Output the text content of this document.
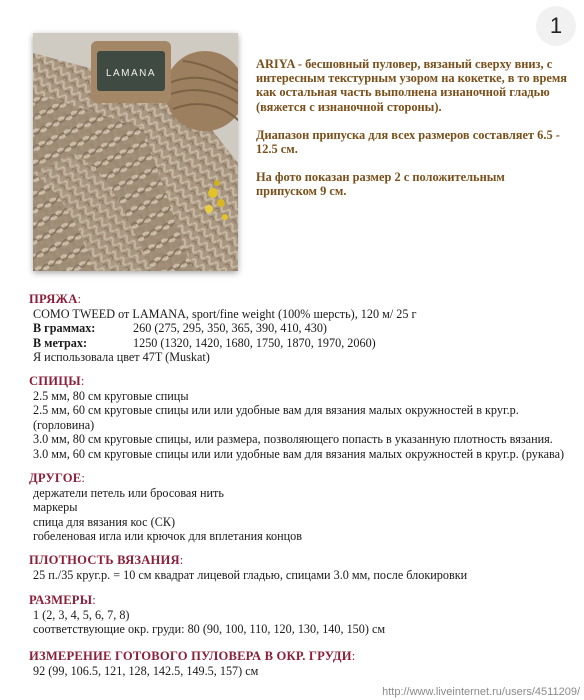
1
LAMANA

ARIYA - бесшовный пуловер, вязаный сверху вниз, с интересным текстурным узором на кокетке, в то время как остальная часть выполнена изнаночной гладью (вяжется с изнаночной стороны).

Диапазон припуска для всех размеров составляет 6.5 - 12.5 см.

На фото показан размер 2 с положительным припуском 9 см.

ПРЯЖА:
COMO TWEED от LAMANA, sport/fine weight (100% шерсть), 120 м/ 25 г
В граммах:	260 (275, 295, 350, 365, 390, 410, 430)
В метрах:	1250 (1320, 1420, 1680, 1750, 1870, 1970, 2060)
Я использовала цвет 47T (Muskat)
СПИЦЫ:
2.5 мм, 80 см круговые спицы
2.5 мм, 60 см круговые спицы или или удобные вам для вязания малых окружностей в круг.р. (горловина)
3.0 мм, 80 см круговые спицы, или размера, позволяющего попасть в указанную плотность вязания.
3.0 мм, 60 см круговые спицы или или удобные вам для вязания малых окружностей в круг.р. (рукава)
ДРУГОЕ:
держатели петель или бросовая нить
маркеры
спица для вязания кос (СК)
гобеленовая игла или крючок для вплетания концов
ПЛОТНОСТЬ ВЯЗАНИЯ:
25 п./35 круг.р. = 10 см квадрат лицевой гладью, спицами 3.0 мм, после блокировки
РАЗМЕРЫ:
1 (2, 3, 4, 5, 6, 7, 8)
соответствующие окр. груди: 80 (90, 100, 110, 120, 130, 140, 150) см
ИЗМЕРЕНИЕ ГОТОВОГО ПУЛОВЕРА В ОКР. ГРУДИ:
92 (99, 106.5, 121, 128, 142.5, 149.5, 157) см
http://www.liveinternet.ru/users/4511209/
